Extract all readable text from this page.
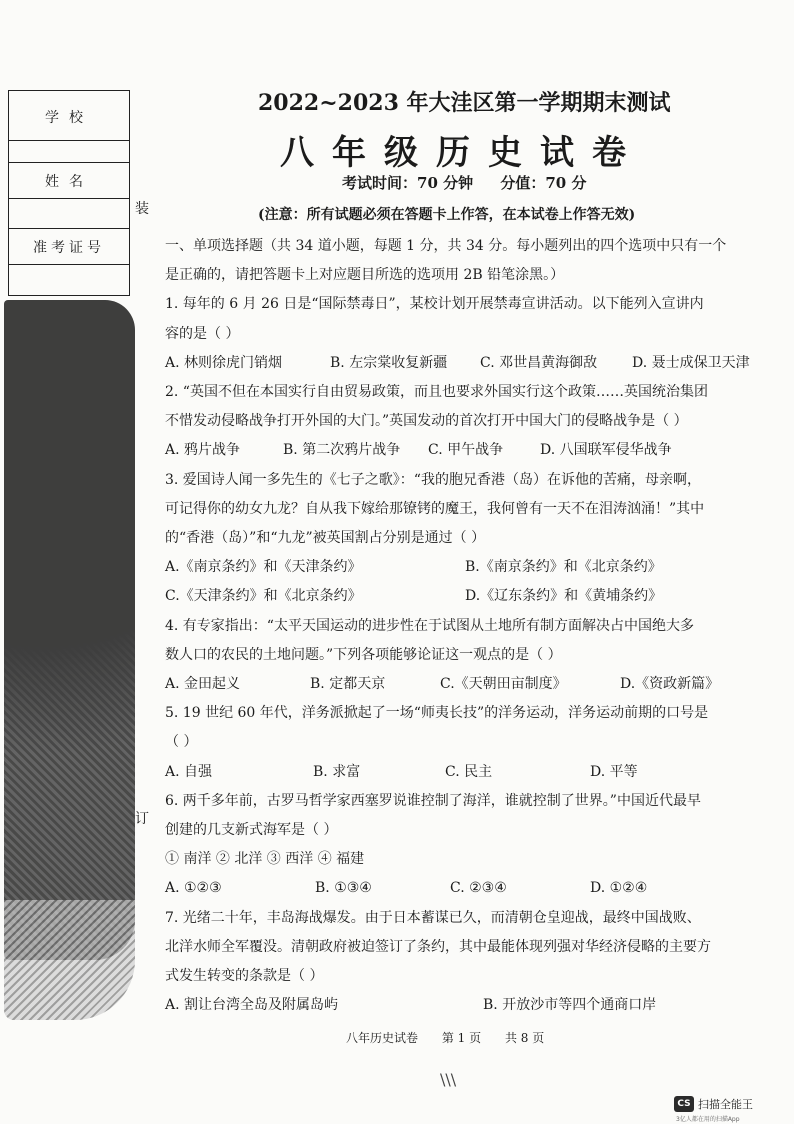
学校
姓名
准考证号
装
订
2022~2023 年大洼区第一学期期末测试
八年级历史试卷
考试时间：70 分钟 分值：70 分
(注意：所有试题必须在答题卡上作答，在本试卷上作答无效)

一、单项选择题（共 34 道小题，每题 1 分，共 34 分。每小题列出的四个选项中只有一个

是正确的，请把答题卡上对应题目所选的选项用 2B 铅笔涂黑。）

1. 每年的 6 月 26 日是“国际禁毒日”，某校计划开展禁毒宣讲活动。以下能列入宣讲内

容的是（ ）

A. 林则徐虎门销烟	B. 左宗棠收复新疆	C. 邓世昌黄海御敌	D. 聂士成保卫天津

2. “英国不但在本国实行自由贸易政策，而且也要求外国实行这个政策……英国统治集团

不惜发动侵略战争打开外国的大门。”英国发动的首次打开中国大门的侵略战争是（ ）

A. 鸦片战争	B. 第二次鸦片战争	C. 甲午战争	D. 八国联军侵华战争

3. 爱国诗人闻一多先生的《七子之歌》：“我的胞兄香港（岛）在诉他的苦痛，母亲啊，

可记得你的幼女九龙？自从我下嫁给那镣铐的魔王，我何曾有一天不在泪涛汹涌！”其中

的“香港（岛）”和“九龙”被英国割占分别是通过（ ）

A.《南京条约》和《天津条约》	B.《南京条约》和《北京条约》
C.《天津条约》和《北京条约》	D.《辽东条约》和《黄埔条约》

4. 有专家指出：“太平天国运动的进步性在于试图从土地所有制方面解决占中国绝大多

数人口的农民的土地问题。”下列各项能够论证这一观点的是（ ）

A. 金田起义	B. 定都天京	C.《天朝田亩制度》	D.《资政新篇》

5. 19 世纪 60 年代，洋务派掀起了一场“师夷长技”的洋务运动，洋务运动前期的口号是

（ ）

A. 自强	B. 求富	C. 民主	D. 平等

6. 两千多年前，古罗马哲学家西塞罗说谁控制了海洋，谁就控制了世界。”中国近代最早

创建的几支新式海军是（ ）

① 南洋 ② 北洋 ③ 西洋 ④ 福建

A. ①②③	B. ①③④	C. ②③④	D. ①②④

7. 光绪二十年，丰岛海战爆发。由于日本蓄谋已久，而清朝仓皇迎战，最终中国战败、

北洋水师全军覆没。清朝政府被迫签订了条约，其中最能体现列强对华经济侵略的主要方

式发生转变的条款是（ ）

A. 割让台湾全岛及附属岛屿	B. 开放沙市等四个通商口岸
八年历史试卷 第 1 页 共 8 页
\\\
CS 扫描全能王
3亿人都在用的扫描App
